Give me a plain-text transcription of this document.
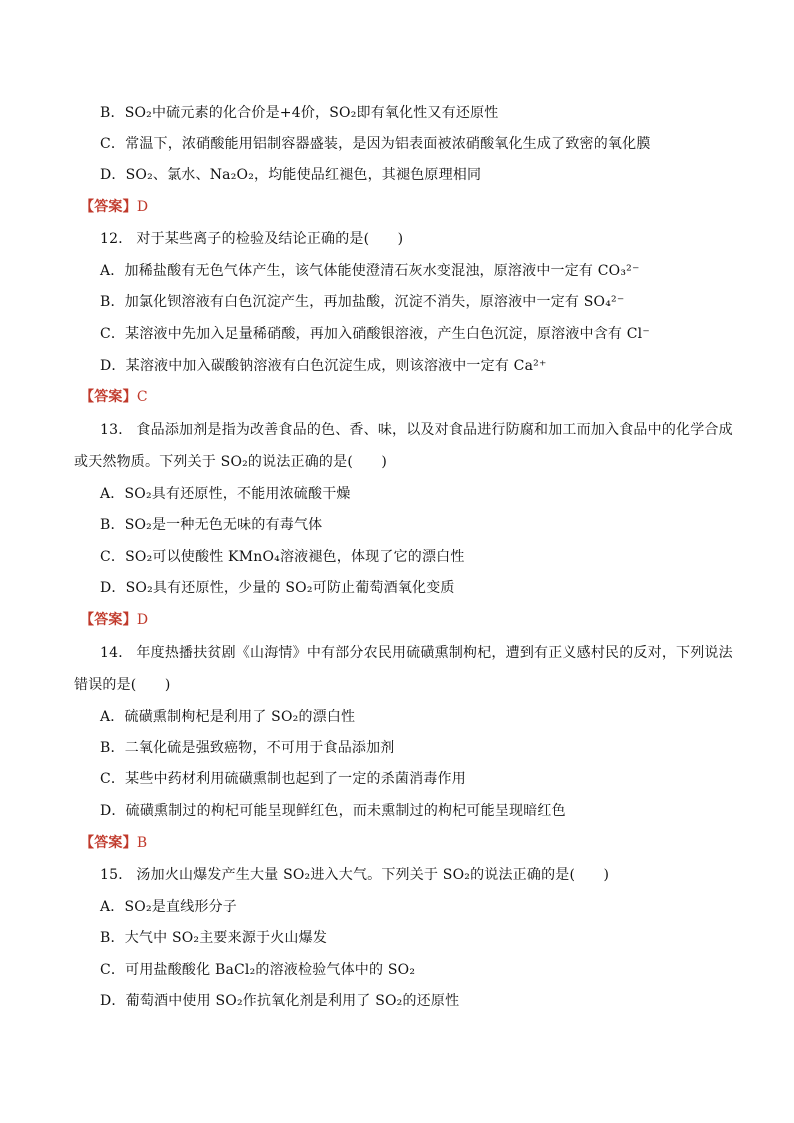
B．SO₂中硫元素的化合价是+4价，SO₂即有氧化性又有还原性
C．常温下，浓硝酸能用铝制容器盛装，是因为铝表面被浓硝酸氧化生成了致密的氧化膜
D．SO₂、氯水、Na₂O₂，均能使品红褪色，其褪色原理相同
【答案】D
12． 对于某些离子的检验及结论正确的是(　　)
A．加稀盐酸有无色气体产生，该气体能使澄清石灰水变混浊，原溶液中一定有 CO₃²⁻
B．加氯化钡溶液有白色沉淀产生，再加盐酸，沉淀不消失，原溶液中一定有 SO₄²⁻
C．某溶液中先加入足量稀硝酸，再加入硝酸银溶液，产生白色沉淀，原溶液中含有 Cl⁻
D．某溶液中加入碳酸钠溶液有白色沉淀生成，则该溶液中一定有 Ca²⁺
【答案】C
13． 食品添加剂是指为改善食品的色、香、味，以及对食品进行防腐和加工而加入食品中的化学合成
或天然物质。下列关于 SO₂的说法正确的是(　　)
A．SO₂具有还原性，不能用浓硫酸干燥
B．SO₂是一种无色无味的有毒气体
C．SO₂可以使酸性 KMnO₄溶液褪色，体现了它的漂白性
D．SO₂具有还原性，少量的 SO₂可防止葡萄酒氧化变质
【答案】D
14． 年度热播扶贫剧《山海情》中有部分农民用硫磺熏制枸杞，遭到有正义感村民的反对，下列说法
错误的是(　　)
A．硫磺熏制枸杞是利用了 SO₂的漂白性
B．二氧化硫是强致癌物，不可用于食品添加剂
C．某些中药材利用硫磺熏制也起到了一定的杀菌消毒作用
D．硫磺熏制过的枸杞可能呈现鲜红色，而未熏制过的枸杞可能呈现暗红色
【答案】B
15． 汤加火山爆发产生大量 SO₂进入大气。下列关于 SO₂的说法正确的是(　　)
A．SO₂是直线形分子
B．大气中 SO₂主要来源于火山爆发
C．可用盐酸酸化 BaCl₂的溶液检验气体中的 SO₂
D．葡萄酒中使用 SO₂作抗氧化剂是利用了 SO₂的还原性
